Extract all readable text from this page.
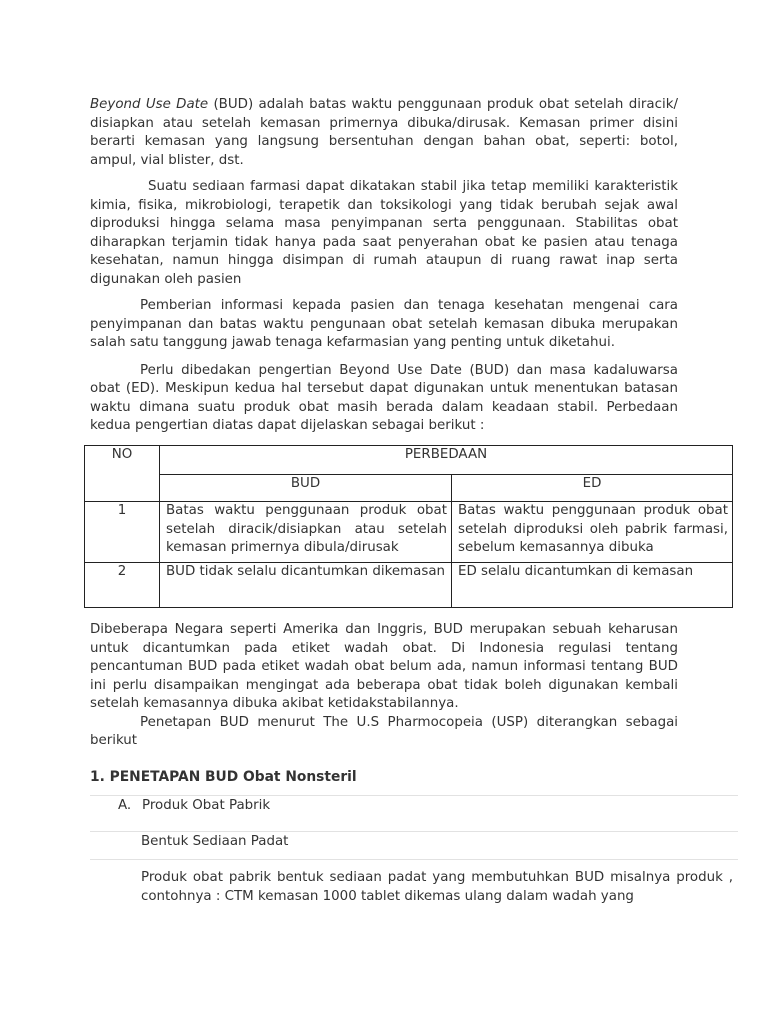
Beyond Use Date (BUD) adalah batas waktu penggunaan produk obat setelah diracik/ disiapkan atau setelah kemasan primernya dibuka/dirusak. Kemasan primer disini berarti kemasan yang langsung bersentuhan dengan bahan obat, seperti: botol, ampul, vial blister, dst.

Suatu sediaan farmasi dapat dikatakan stabil jika tetap memiliki karakteristik kimia, fisika, mikrobiologi, terapetik dan toksikologi yang tidak berubah sejak awal diproduksi hingga selama masa penyimpanan serta penggunaan. Stabilitas obat diharapkan terjamin tidak hanya pada saat penyerahan obat ke pasien atau tenaga kesehatan, namun hingga disimpan di rumah ataupun di ruang rawat inap serta digunakan oleh pasien

Pemberian informasi kepada pasien dan tenaga kesehatan mengenai cara penyimpanan dan batas waktu pengunaan obat setelah kemasan dibuka merupakan salah satu tanggung jawab tenaga kefarmasian yang penting untuk diketahui.

Perlu dibedakan pengertian Beyond Use Date (BUD) dan masa kadaluwarsa obat (ED). Meskipun kedua hal tersebut dapat digunakan untuk menentukan batasan waktu dimana suatu produk obat masih berada dalam keadaan stabil. Perbedaan kedua pengertian diatas dapat dijelaskan sebagai berikut :

NO	PERBEDAAN	
	BUD	ED
1	Batas waktu penggunaan produk obat setelah diracik/disiapkan atau setelah kemasan primernya dibula/dirusak	Batas waktu penggunaan produk obat setelah diproduksi oleh pabrik farmasi, sebelum kemasannya dibuka
2	BUD tidak selalu dicantumkan dikemasan	ED selalu dicantumkan di kemasan

Dibeberapa Negara seperti Amerika dan Inggris, BUD merupakan sebuah keharusan untuk dicantumkan pada etiket wadah obat. Di Indonesia regulasi tentang pencantuman BUD pada etiket wadah obat belum ada, namun informasi tentang BUD ini perlu disampaikan mengingat ada beberapa obat tidak boleh digunakan kembali setelah kemasannya dibuka akibat ketidakstabilannya.

Penetapan BUD menurut The U.S Pharmocopeia (USP) diterangkan sebagai berikut

1. PENETAPAN BUD Obat Nonsteril
A. Produk Obat Pabrik
Bentuk Sediaan Padat

Produk obat pabrik bentuk sediaan padat yang membutuhkan BUD misalnya produk , contohnya : CTM kemasan 1000 tablet dikemas ulang dalam wadah yang
